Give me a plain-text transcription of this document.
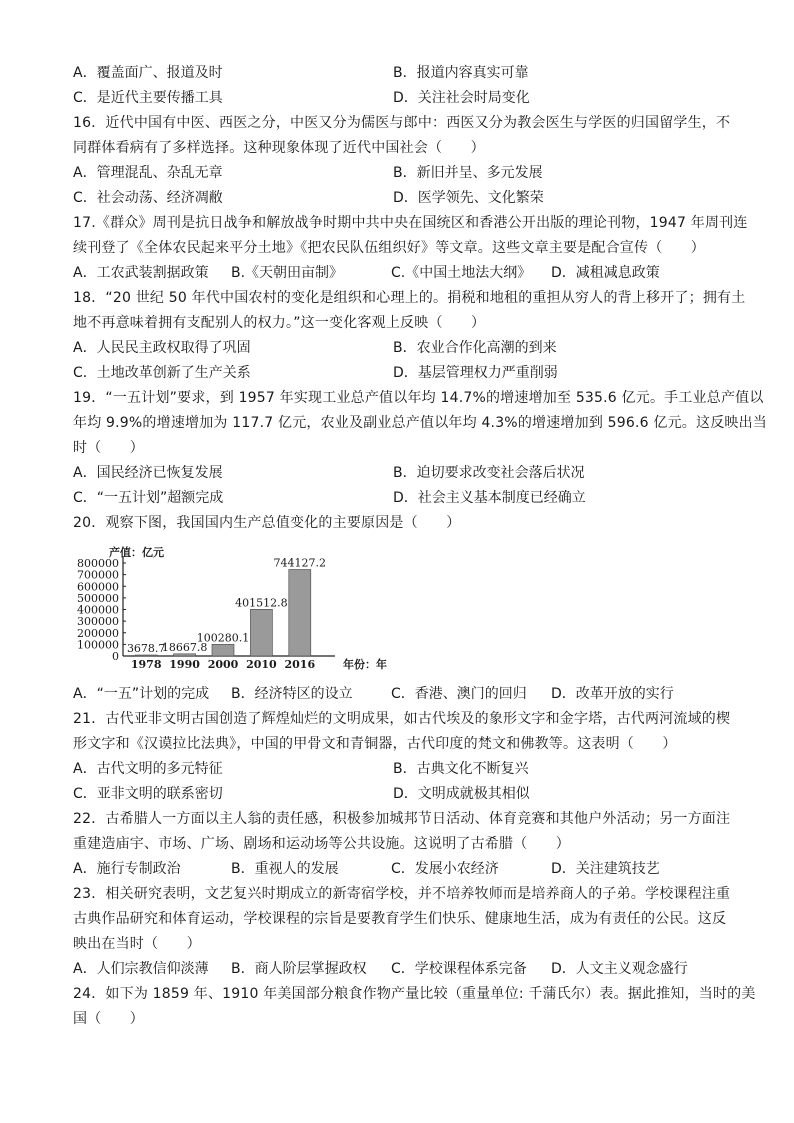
A．覆盖面广、报道及时	B．报道内容真实可靠
C．是近代主要传播工具	D．关注社会时局变化
16．近代中国有中医、西医之分，中医又分为儒医与郎中：西医又分为教会医生与学医的归国留学生，不
同群体看病有了多样选择。这种现象体现了近代中国社会（　　）
A．管理混乱、杂乱无章	B．新旧并呈、多元发展
C．社会动荡、经济凋敝	D．医学领先、文化繁荣
17.《群众》周刊是抗日战争和解放战争时期中共中央在国统区和香港公开出版的理论刊物，1947 年周刊连
续刊登了《全体农民起来平分土地》《把农民队伍组织好》等文章。这些文章主要是配合宣传（　　）
A．工农武装割据政策 B.《天朝田亩制》	C.《中国土地法大纲》 D．减租减息政策
18．“20 世纪 50 年代中国农村的变化是组织和心理上的。捐税和地租的重担从穷人的背上移开了；拥有土
地不再意味着拥有支配别人的权力。”这一变化客观上反映（　　）
A．人民民主政权取得了巩固	B．农业合作化高潮的到来
C．土地改革创新了生产关系	D．基层管理权力严重削弱
19．“一五计划”要求，到 1957 年实现工业总产值以年均 14.7%的增速增加至 535.6 亿元。手工业总产值以
年均 9.9%的增速增加为 117.7 亿元，农业及副业总产值以年均 4.3%的增速增加到 596.6 亿元。这反映出当
时（　　）
A．国民经济已恢复发展	B．迫切要求改变社会落后状况
C．“一五计划”超额完成	D．社会主义基本制度已经确立
20．观察下图，我国国内生产总值变化的主要原因是（　　）
产值：亿元
0
100000
200000
300000
400000
500000
600000
700000
800000
3678.7
1978
18667.8
1990
100280.1
2000
401512.8
2010
744127.2
2016	年份：年
A．“一五”计划的完成 B．经济特区的设立	C．香港、澳门的回归 D．改革开放的实行
21．古代亚非文明古国创造了辉煌灿烂的文明成果，如古代埃及的象形文字和金字塔，古代两河流域的楔
形文字和《汉谟拉比法典》，中国的甲骨文和青铜器，古代印度的梵文和佛教等。这表明（　　）
A．古代文明的多元特征	B．古典文化不断复兴
C．亚非文明的联系密切	D．文明成就极其相似
22．古希腊人一方面以主人翁的责任感，积极参加城邦节日活动、体育竞赛和其他户外活动；另一方面注
重建造庙宇、市场、广场、剧场和运动场等公共设施。这说明了古希腊（　　）
A．施行专制政治	B．重视人的发展	C．发展小农经济	D．关注建筑技艺
23．相关研究表明，文艺复兴时期成立的新寄宿学校，并不培养牧师而是培养商人的子弟。学校课程注重
古典作品研究和体育运动，学校课程的宗旨是要教育学生们快乐、健康地生活，成为有责任的公民。这反
映出在当时（　　）
A．人们宗教信仰淡薄 B．商人阶层掌握政权 C．学校课程体系完备 D．人文主义观念盛行
24．如下为 1859 年、1910 年美国部分粮食作物产量比较（重量单位: 千蒲氏尔）表。据此推知，当时的美
国（　　）
